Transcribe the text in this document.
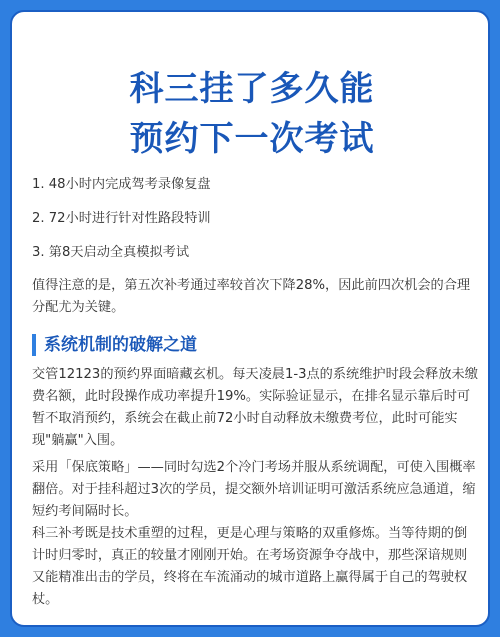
科三挂了多久能
预约下一次考试
1. 48小时内完成驾考录像复盘
2. 72小时进行针对性路段特训
3. 第8天启动全真模拟考试
值得注意的是，第五次补考通过率较首次下降28%，因此前四次机会的合理分配尤为关键。
系统机制的破解之道
交管12123的预约界面暗藏玄机。每天凌晨1-3点的系统维护时段会释放未缴费名额，此时段操作成功率提升19%。实际验证显示，在排名显示靠后时可暂不取消预约，系统会在截止前72小时自动释放未缴费考位，此时可能实现"躺赢"入围。
采用「保底策略」——同时勾选2个冷门考场并服从系统调配，可使入围概率翻倍。对于挂科超过3次的学员，提交额外培训证明可激活系统应急通道，缩短约考间隔时长。
科三补考既是技术重塑的过程，更是心理与策略的双重修炼。当等待期的倒计时归零时，真正的较量才刚刚开始。在考场资源争夺战中，那些深谙规则又能精准出击的学员，终将在车流涌动的城市道路上赢得属于自己的驾驶权杖。
